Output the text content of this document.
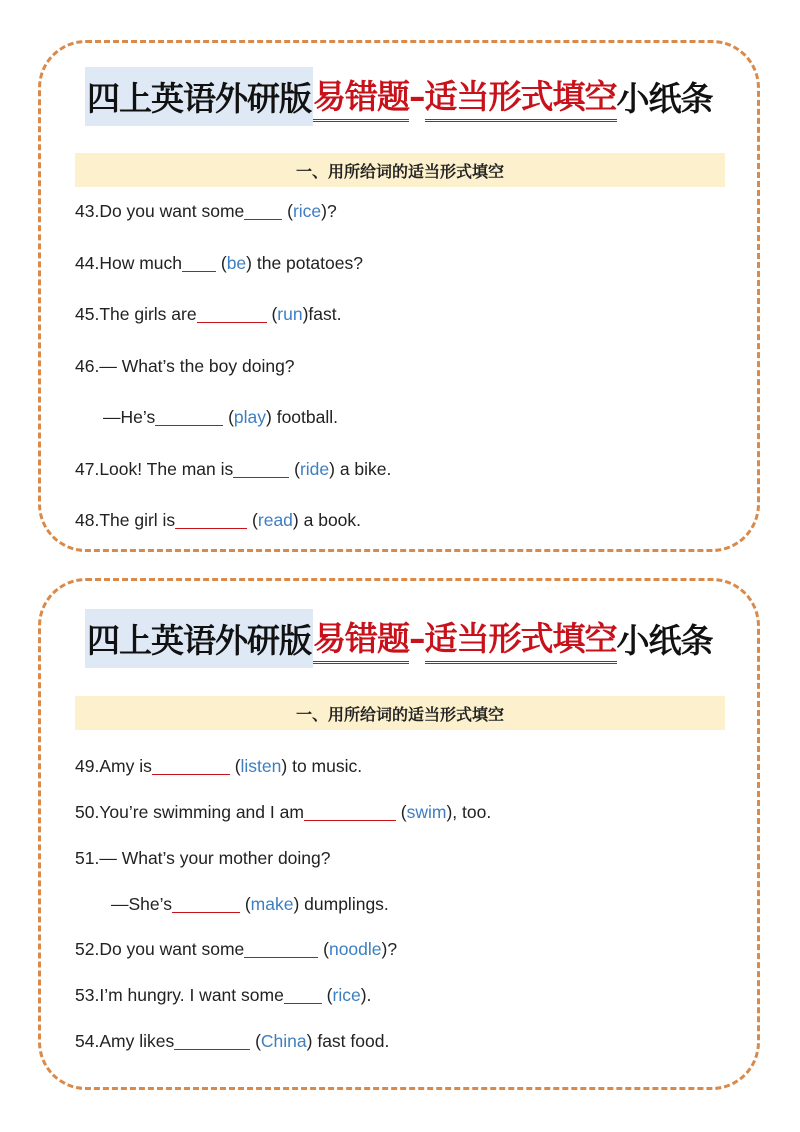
四上英语外研版 易错题 – 适当形式填空 小纸条
一、用所给词的适当形式填空
43.Do you want some (rice)?
44.How much (be) the potatoes?
45.The girls are	(run)fast.
46.— What’s the boy doing?
—He’s	(play) football.
47.Look! The man is	(ride) a bike.
48.The girl is	(read) a book.
四上英语外研版 易错题 – 适当形式填空 小纸条
一、用所给词的适当形式填空
49.Amy is	(listen) to music.
50.You’re swimming and I am	(swim), too.
51.— What’s your mother doing?
—She’s	(make) dumplings.
52.Do you want some	(noodle)?
53.I’m hungry. I want some (rice).
54.Amy likes	(China) fast food.
